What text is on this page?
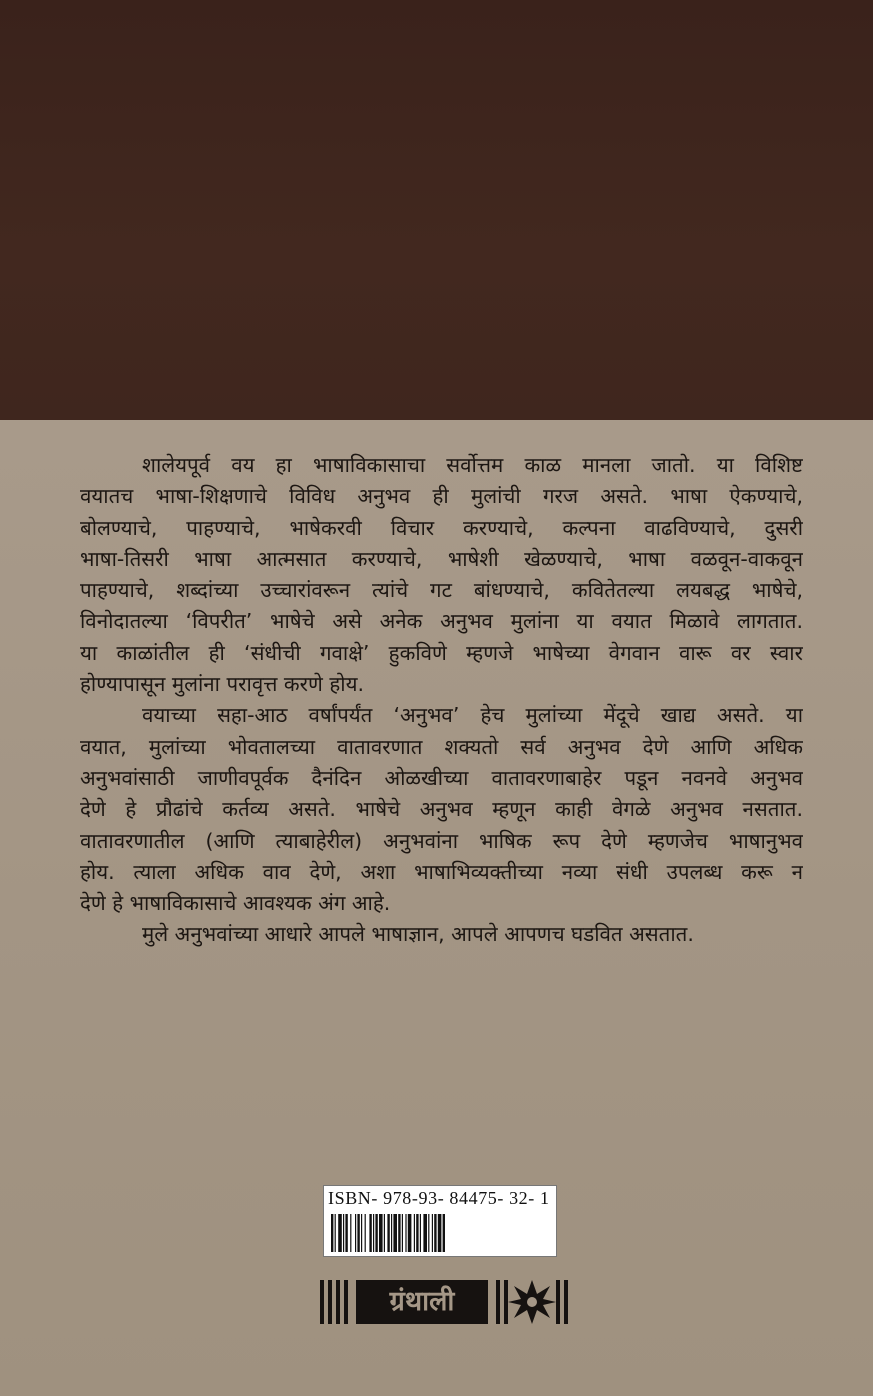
शालेयपूर्व वय हा भाषाविकासाचा सर्वोत्तम काळ मानला जातो. या विशिष्ट
वयातच भाषा-शिक्षणाचे विविध अनुभव ही मुलांची गरज असते. भाषा ऐकण्याचे,
बोलण्याचे, पाहण्याचे, भाषेकरवी विचार करण्याचे, कल्पना वाढविण्याचे, दुसरी
भाषा-तिसरी भाषा आत्मसात करण्याचे, भाषेशी खेळण्याचे, भाषा वळवून-वाकवून
पाहण्याचे, शब्दांच्या उच्चारांवरून त्यांचे गट बांधण्याचे, कवितेतल्या लयबद्ध भाषेचे,
विनोदातल्या ‘विपरीत’ भाषेचे असे अनेक अनुभव मुलांना या वयात मिळावे लागतात.
या काळांतील ही ‘संधीची गवाक्षे’ हुकविणे म्हणजे भाषेच्या वेगवान वारू वर स्वार
होण्यापासून मुलांना परावृत्त करणे होय.
वयाच्या सहा-आठ वर्षांपर्यंत ‘अनुभव’ हेच मुलांच्या मेंदूचे खाद्य असते. या
वयात, मुलांच्या भोवतालच्या वातावरणात शक्यतो सर्व अनुभव देणे आणि अधिक
अनुभवांसाठी जाणीवपूर्वक दैनंदिन ओळखीच्या वातावरणाबाहेर पडून नवनवे अनुभव
देणे हे प्रौढांचे कर्तव्य असते. भाषेचे अनुभव म्हणून काही वेगळे अनुभव नसतात.
वातावरणातील (आणि त्याबाहेरील) अनुभवांना भाषिक रूप देणे म्हणजेच भाषानुभव
होय. त्याला अधिक वाव देणे, अशा भाषाभिव्यक्तीच्या नव्या संधी उपलब्ध करू न
देणे हे भाषाविकासाचे आवश्यक अंग आहे.
मुले अनुभवांच्या आधारे आपले भाषाज्ञान, आपले आपणच घडवित असतात.
ISBN- 978-93- 84475- 32- 1
ग्रंथाली
